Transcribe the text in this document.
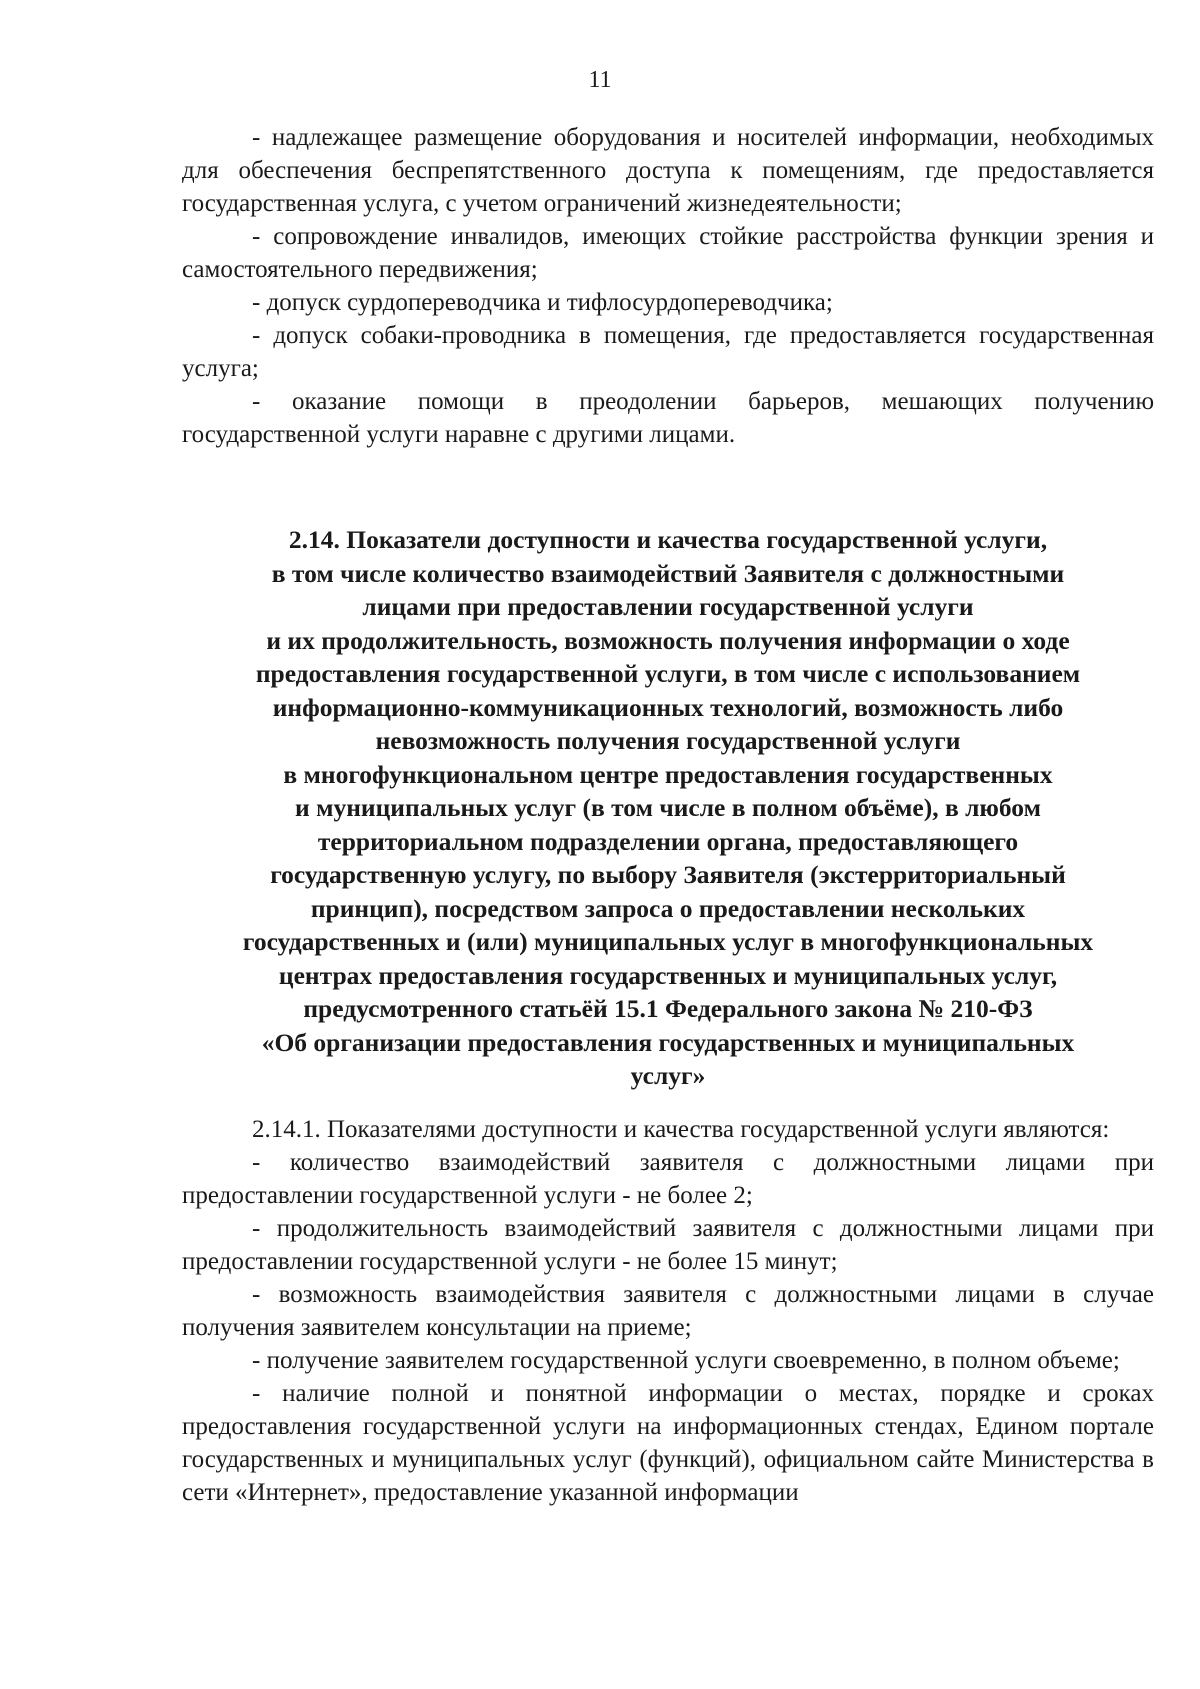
11

- надлежащее размещение оборудования и носителей информации, необходимых для обеспечения беспрепятственного доступа к помещениям, где предоставляется государственная услуга, с учетом ограничений жизнедеятельности;

- сопровождение инвалидов, имеющих стойкие расстройства функции зрения и самостоятельного передвижения;

- допуск сурдопереводчика и тифлосурдопереводчика;

- допуск собаки-проводника в помещения, где предоставляется государственная услуга;

- оказание помощи в преодолении барьеров, мешающих получению государственной услуги наравне с другими лицами.

2.14. Показатели доступности и качества государственной услуги,
в том числе количество взаимодействий Заявителя с должностными
лицами при предоставлении государственной услуги
и их продолжительность, возможность получения информации о ходе
предоставления государственной услуги, в том числе с использованием
информационно-коммуникационных технологий, возможность либо
невозможность получения государственной услуги
в многофункциональном центре предоставления государственных
и муниципальных услуг (в том числе в полном объёме), в любом
территориальном подразделении органа, предоставляющего
государственную услугу, по выбору Заявителя (экстерриториальный
принцип), посредством запроса о предоставлении нескольких
государственных и (или) муниципальных услуг в многофункциональных
центрах предоставления государственных и муниципальных услуг,
предусмотренного статьёй 15.1 Федерального закона № 210-ФЗ
«Об организации предоставления государственных и муниципальных
услуг»

2.14.1. Показателями доступности и качества государственной услуги являются:

- количество взаимодействий заявителя с должностными лицами при предоставлении государственной услуги - не более 2;

- продолжительность взаимодействий заявителя с должностными лицами при предоставлении государственной услуги - не более 15 минут;

- возможность взаимодействия заявителя с должностными лицами в случае получения заявителем консультации на приеме;

- получение заявителем государственной услуги своевременно, в полном объеме;

- наличие полной и понятной информации о местах, порядке и сроках предоставления государственной услуги на информационных стендах, Едином портале государственных и муниципальных услуг (функций), официальном сайте Министерства в сети «Интернет», предоставление указанной информации
